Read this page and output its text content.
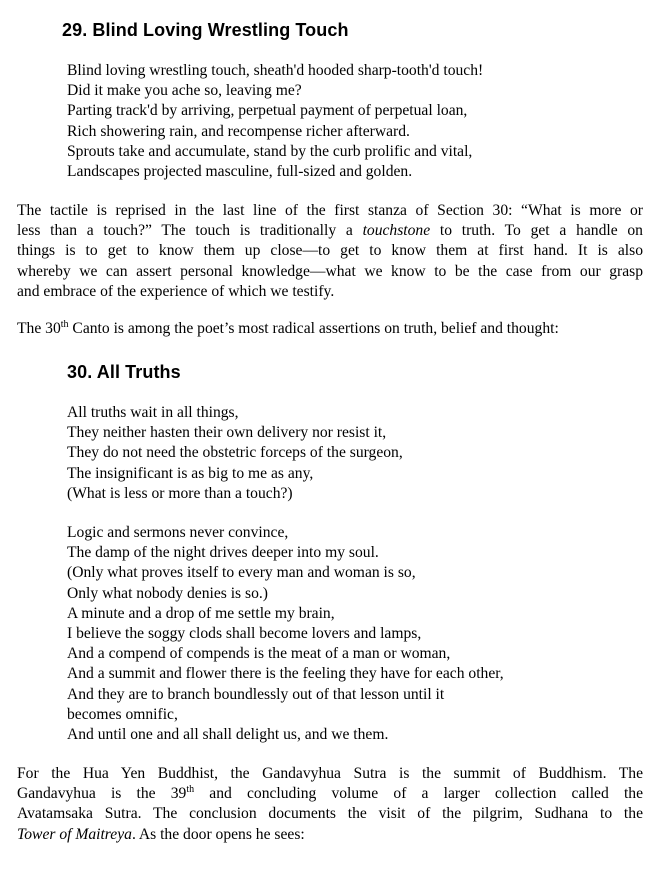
29. Blind Loving Wrestling Touch
Blind loving wrestling touch, sheath'd hooded sharp-tooth'd touch!
Did it make you ache so, leaving me?
Parting track'd by arriving, perpetual payment of perpetual loan,
Rich showering rain, and recompense richer afterward.
Sprouts take and accumulate, stand by the curb prolific and vital,
Landscapes projected masculine, full-sized and golden.
The tactile is reprised in the last line of the first stanza of Section 30: “What is more or
less than a touch?” The touch is traditionally a touchstone to truth. To get a handle on
things is to get to know them up close—to get to know them at first hand. It is also
whereby we can assert personal knowledge—what we know to be the case from our grasp
and embrace of the experience of which we testify.
The 30th Canto is among the poet’s most radical assertions on truth, belief and thought:
30. All Truths
All truths wait in all things,
They neither hasten their own delivery nor resist it,
They do not need the obstetric forceps of the surgeon,
The insignificant is as big to me as any,
(What is less or more than a touch?)
Logic and sermons never convince,
The damp of the night drives deeper into my soul.
(Only what proves itself to every man and woman is so,
Only what nobody denies is so.)
A minute and a drop of me settle my brain,
I believe the soggy clods shall become lovers and lamps,
And a compend of compends is the meat of a man or woman,
And a summit and flower there is the feeling they have for each other,
And they are to branch boundlessly out of that lesson until it
becomes omnific,
And until one and all shall delight us, and we them.
For the Hua Yen Buddhist, the Gandavyhua Sutra is the summit of Buddhism. The
Gandavyhua is the 39th and concluding volume of a larger collection called the
Avatamsaka Sutra. The conclusion documents the visit of the pilgrim, Sudhana to the
Tower of Maitreya. As the door opens he sees:
